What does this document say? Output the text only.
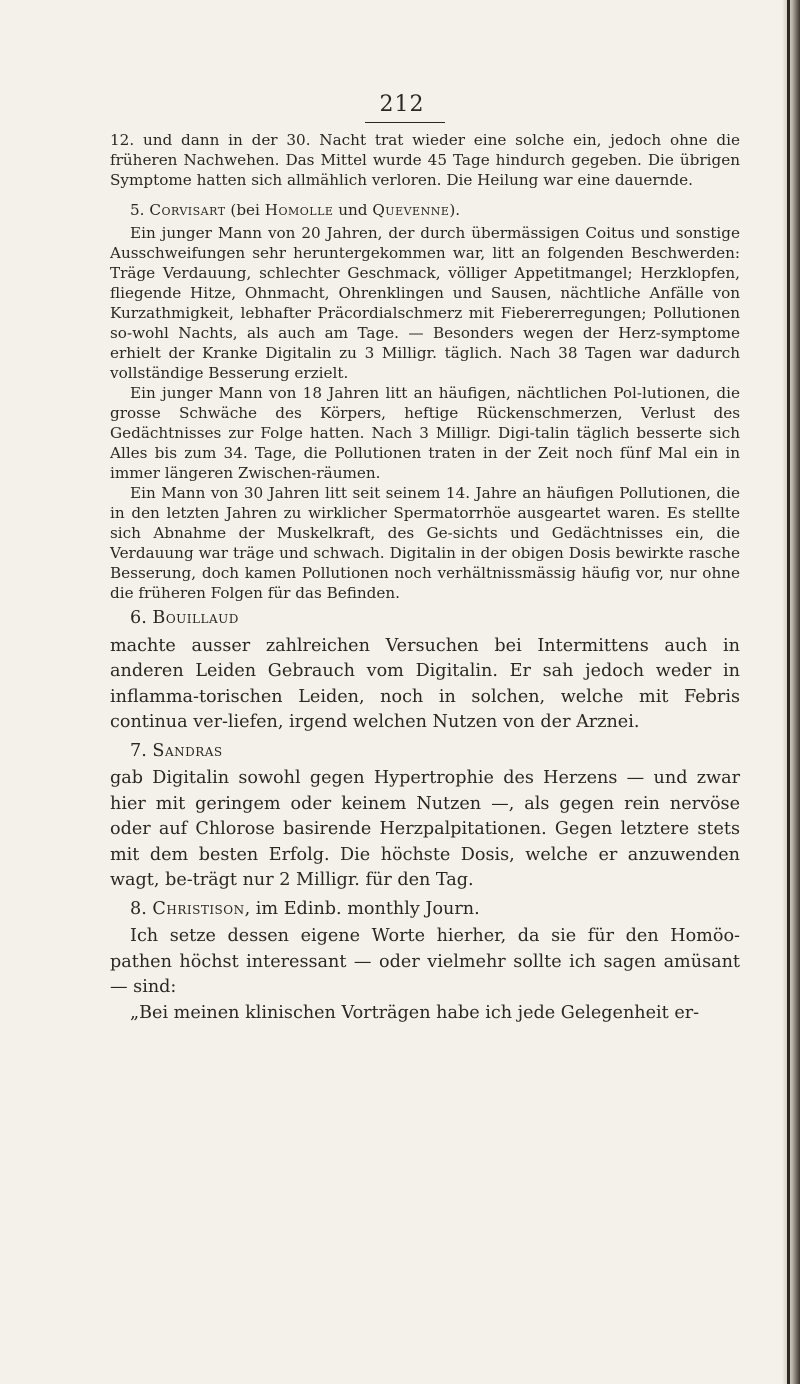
212

12. und dann in der 30. Nacht trat wieder eine solche ein, jedoch ohne die früheren Nachwehen. Das Mittel wurde 45 Tage hindurch gegeben. Die übrigen Symptome hatten sich allmählich verloren. Die Heilung war eine dauernde.

5. Corvisart (bei Homolle und Quevenne).

Ein junger Mann von 20 Jahren, der durch übermässigen Coitus und sonstige Ausschweifungen sehr heruntergekommen war, litt an folgenden Beschwerden: Träge Verdauung, schlechter Geschmack, völliger Appetitmangel; Herzklopfen, fliegende Hitze, Ohnmacht, Ohrenklingen und Sausen, nächtliche Anfälle von Kurzathmigkeit, lebhafter Präcordialschmerz mit Fiebererregungen; Pollutionen so-wohl Nachts, als auch am Tage. — Besonders wegen der Herz-symptome erhielt der Kranke Digitalin zu 3 Milligr. täglich. Nach 38 Tagen war dadurch vollständige Besserung erzielt.

Ein junger Mann von 18 Jahren litt an häufigen, nächtlichen Pol-lutionen, die grosse Schwäche des Körpers, heftige Rückenschmerzen, Verlust des Gedächtnisses zur Folge hatten. Nach 3 Milligr. Digi-talin täglich besserte sich Alles bis zum 34. Tage, die Pollutionen traten in der Zeit noch fünf Mal ein in immer längeren Zwischen-räumen.

Ein Mann von 30 Jahren litt seit seinem 14. Jahre an häufigen Pollutionen, die in den letzten Jahren zu wirklicher Spermatorrhöe ausgeartet waren. Es stellte sich Abnahme der Muskelkraft, des Ge-sichts und Gedächtnisses ein, die Verdauung war träge und schwach. Digitalin in der obigen Dosis bewirkte rasche Besserung, doch kamen Pollutionen noch verhältnissmässig häufig vor, nur ohne die früheren Folgen für das Befinden.

6. Bouillaud

machte ausser zahlreichen Versuchen bei Intermittens auch in anderen Leiden Gebrauch vom Digitalin. Er sah jedoch weder in inflamma-torischen Leiden, noch in solchen, welche mit Febris continua ver-liefen, irgend welchen Nutzen von der Arznei.

7. Sandras

gab Digitalin sowohl gegen Hypertrophie des Herzens — und zwar hier mit geringem oder keinem Nutzen —, als gegen rein nervöse oder auf Chlorose basirende Herzpalpitationen. Gegen letztere stets mit dem besten Erfolg. Die höchste Dosis, welche er anzuwenden wagt, be-trägt nur 2 Milligr. für den Tag.

8. Christison, im Edinb. monthly Journ.

Ich setze dessen eigene Worte hierher, da sie für den Homöo-pathen höchst interessant — oder vielmehr sollte ich sagen amüsant — sind:

„Bei meinen klinischen Vorträgen habe ich jede Gelegenheit er-
